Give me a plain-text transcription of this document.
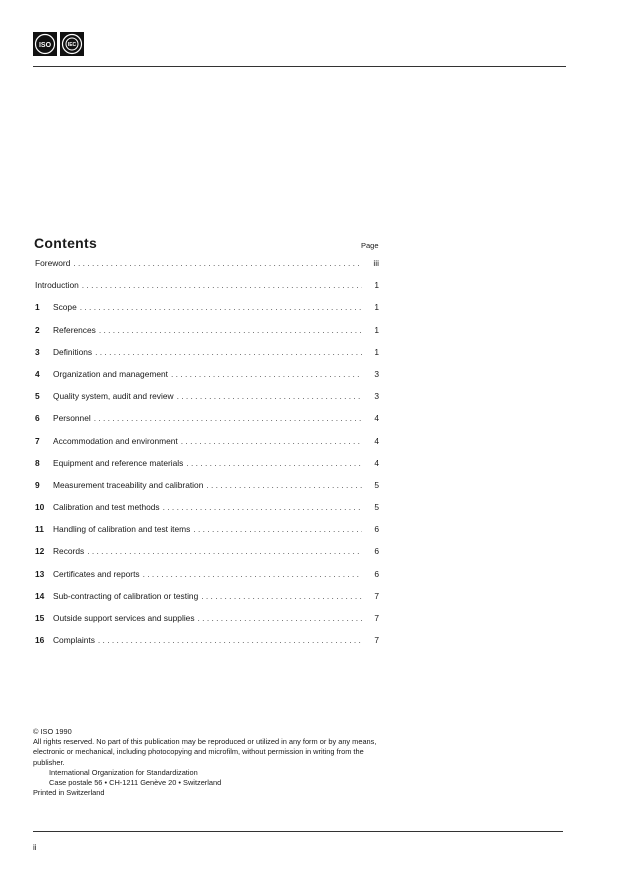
ISO	IEC
Contents	Page
Foreword . . .	iii
Introduction . . .	1
1	Scope . . .	1
2	References . . .	1
3	Definitions . . .	1
4	Organization and management . . .	3
5	Quality system, audit and review . . .	3
6	Personnel . . .	4
7	Accommodation and environment . . .	4
8	Equipment and reference materials . . .	4
9	Measurement traceability and calibration . . .	5
10	Calibration and test methods . . .	5
11	Handling of calibration and test items . . .	6
12	Records . . .	6
13	Certificates and reports . . .	6
14	Sub-contracting of calibration or testing . . .	7
15	Outside support services and supplies . . .	7
16	Complaints . . .	7

© ISO 1990

All rights reserved. No part of this publication may be reproduced or utilized in any form or by any means, electronic or mechanical, including photocopying and microfilm, without permission in writing from the publisher.

International Organization for Standardization

Case postale 56 • CH-1211 Genève 20 • Switzerland

Printed in Switzerland

ii
